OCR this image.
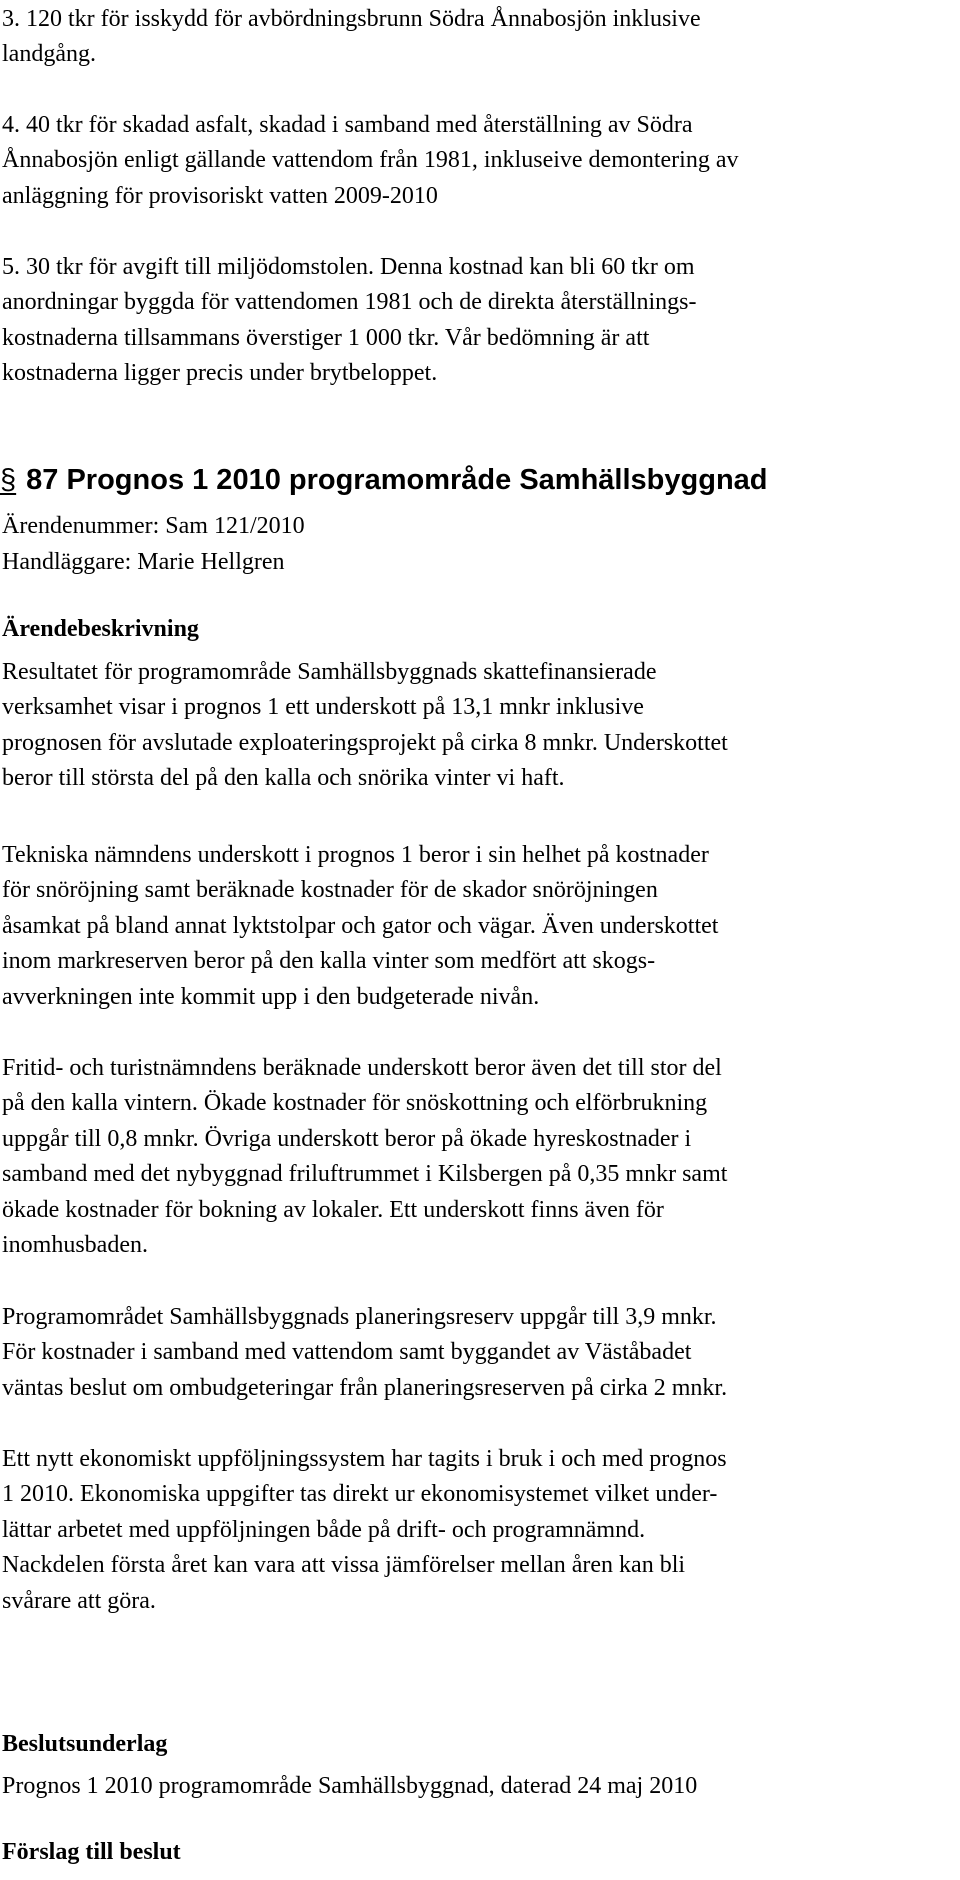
3. 120 tkr för isskydd för avbördningsbrunn Södra Ånnabosjön inklusive
landgång.

4. 40 tkr för skadad asfalt, skadad i samband med återställning av Södra
Ånnabosjön enligt gällande vattendom från 1981, inkluseive demontering av
anläggning för provisoriskt vatten 2009-2010

5. 30 tkr för avgift till miljödomstolen. Denna kostnad kan bli 60 tkr om
anordningar byggda för vattendomen 1981 och de direkta återställnings-
kostnaderna tillsammans överstiger 1 000 tkr. Vår bedömning är att
kostnaderna ligger precis under brytbeloppet.

§ 87 Prognos 1 2010 programområde Samhällsbyggnad

Ärendenummer: Sam 121/2010

Handläggare: Marie Hellgren

Ärendebeskrivning

Resultatet för programområde Samhällsbyggnads skattefinansierade
verksamhet visar i prognos 1 ett underskott på 13,1 mnkr inklusive
prognosen för avslutade exploateringsprojekt på cirka 8 mnkr. Underskottet
beror till största del på den kalla och snörika vinter vi haft.

Tekniska nämndens underskott i prognos 1 beror i sin helhet på kostnader
för snöröjning samt beräknade kostnader för de skador snöröjningen
åsamkat på bland annat lyktstolpar och gator och vägar. Även underskottet
inom markreserven beror på den kalla vinter som medfört att skogs-
avverkningen inte kommit upp i den budgeterade nivån.

Fritid- och turistnämndens beräknade underskott beror även det till stor del
på den kalla vintern. Ökade kostnader för snöskottning och elförbrukning
uppgår till 0,8 mnkr. Övriga underskott beror på ökade hyreskostnader i
samband med det nybyggnad friluftrummet i Kilsbergen på 0,35 mnkr samt
ökade kostnader för bokning av lokaler. Ett underskott finns även för
inomhusbaden.

Programområdet Samhällsbyggnads planeringsreserv uppgår till 3,9 mnkr.
För kostnader i samband med vattendom samt byggandet av Väståbadet
väntas beslut om ombudgeteringar från planeringsreserven på cirka 2 mnkr.

Ett nytt ekonomiskt uppföljningssystem har tagits i bruk i och med prognos
1 2010. Ekonomiska uppgifter tas direkt ur ekonomisystemet vilket under-
lättar arbetet med uppföljningen både på drift- och programnämnd.
Nackdelen första året kan vara att vissa jämförelser mellan åren kan bli
svårare att göra.

Beslutsunderlag

Prognos 1 2010 programområde Samhällsbyggnad, daterad 24 maj 2010

Förslag till beslut
